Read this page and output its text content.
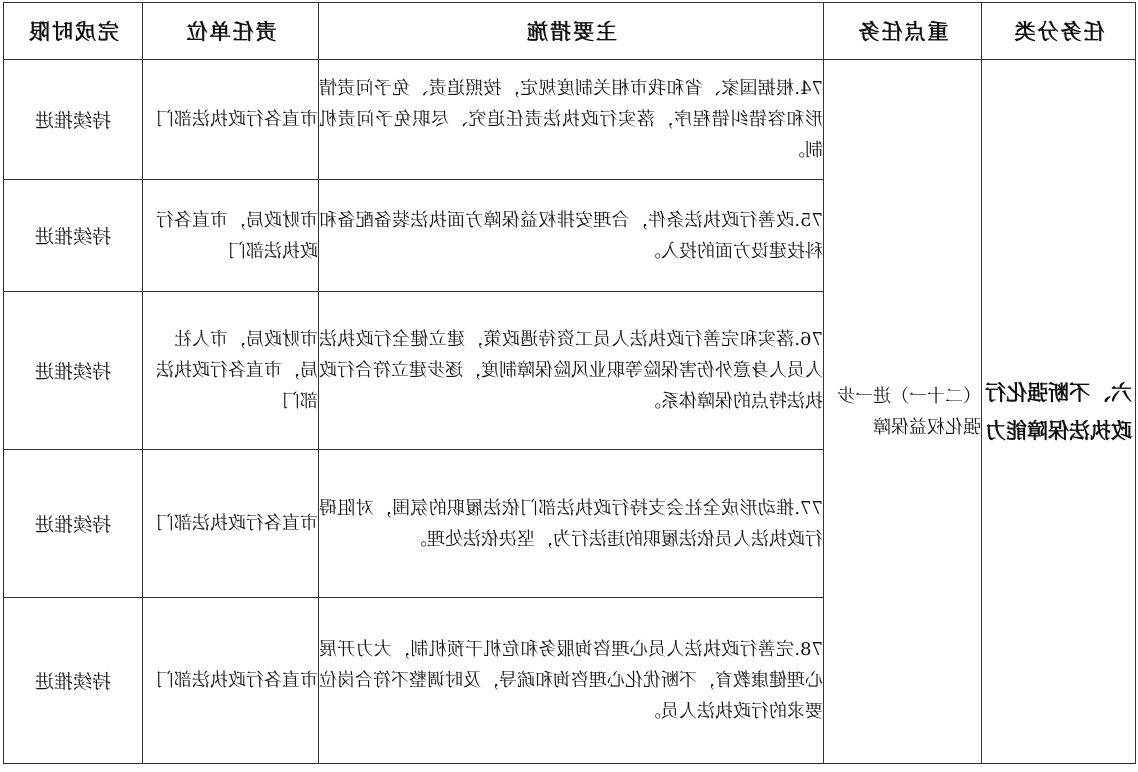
任务分类	重点任务	主要措施	责任单位	完成时限
六、不断强化行政执法保障能力	（二十一）进一步强化权益保障	74.根据国家、省和我市相关制度规定，按照追责、免予问责情形和容错纠错程序，落实行政执法责任追究、尽职免予问责机制。	市直各行政执法部门	持续推进
		75.改善行政执法条件，合理安排权益保障方面执法装备配备和科技建设方面的投入。	市财政局，市直各行政执法部门	持续推进
		76.落实和完善行政执法人员工资待遇政策，建立健全行政执法人员人身意外伤害保险等职业风险保障制度，逐步建立符合行政执法特点的保障体系。	市财政局，市人社局，市直各行政执法部门	持续推进
		77.推动形成全社会支持行政执法部门依法履职的氛围，对阻碍行政执法人员依法履职的违法行为，坚决依法处理。	市直各行政执法部门	持续推进
		78.完善行政执法人员心理咨询服务和危机干预机制，大力开展心理健康教育，不断优化心理咨询和疏导，及时调整不符合岗位要求的行政执法人员。	市直各行政执法部门	持续推进
